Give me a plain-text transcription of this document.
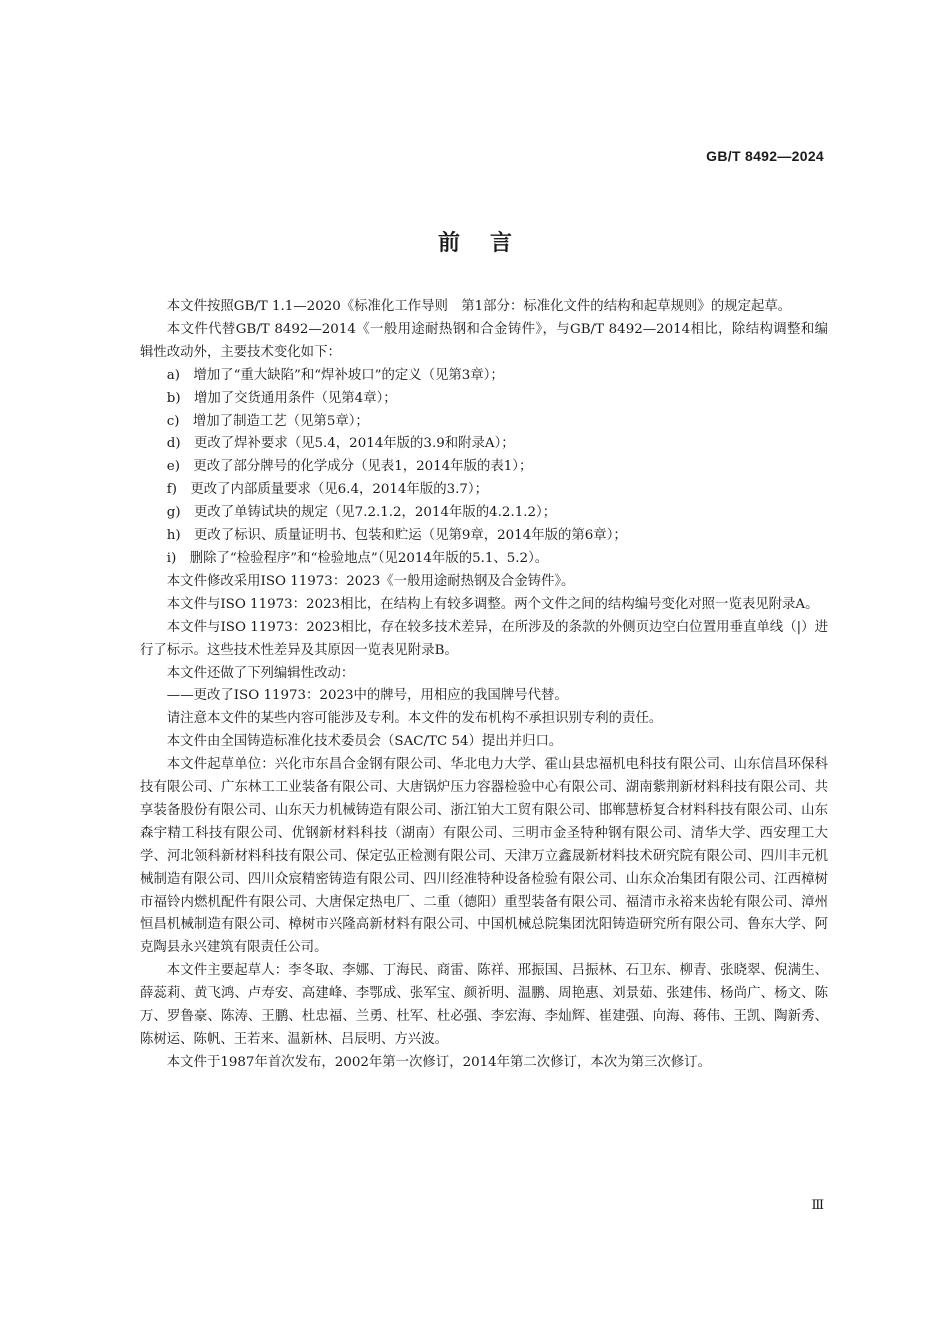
GB/T 8492—2024
前言

本文件按照GB/T 1.1—2020《标准化工作导则　第1部分：标准化文件的结构和起草规则》的规定起草。

本文件代替GB/T 8492—2014《一般用途耐热钢和合金铸件》，与GB/T 8492—2014相比，除结构调整和编辑性改动外，主要技术变化如下：

a)　增加了“重大缺陷”和“焊补坡口”的定义（见第3章）；

b)　增加了交货通用条件（见第4章）；

c)　增加了制造工艺（见第5章）；

d)　更改了焊补要求（见5.4，2014年版的3.9和附录A）；

e)　更改了部分牌号的化学成分（见表1，2014年版的表1）；

f)　更改了内部质量要求（见6.4，2014年版的3.7）；

g)　更改了单铸试块的规定（见7.2.1.2，2014年版的4.2.1.2）；

h)　更改了标识、质量证明书、包装和贮运（见第9章，2014年版的第6章）；

i)　删除了“检验程序”和“检验地点”（见2014年版的5.1、5.2）。

本文件修改采用ISO 11973：2023《一般用途耐热钢及合金铸件》。

本文件与ISO 11973：2023相比，在结构上有较多调整。两个文件之间的结构编号变化对照一览表见附录A。

本文件与ISO 11973：2023相比，存在较多技术差异，在所涉及的条款的外侧页边空白位置用垂直单线（|）进行了标示。这些技术性差异及其原因一览表见附录B。

本文件还做了下列编辑性改动：

——更改了ISO 11973：2023中的牌号，用相应的我国牌号代替。

请注意本文件的某些内容可能涉及专利。本文件的发布机构不承担识别专利的责任。

本文件由全国铸造标准化技术委员会（SAC/TC 54）提出并归口。

本文件起草单位：兴化市东昌合金钢有限公司、华北电力大学、霍山县忠福机电科技有限公司、山东信昌环保科技有限公司、广东林工工业装备有限公司、大唐锅炉压力容器检验中心有限公司、湖南紫荆新材料科技有限公司、共享装备股份有限公司、山东天力机械铸造有限公司、浙江铂大工贸有限公司、邯郸慧桥复合材料科技有限公司、山东森宇精工科技有限公司、优钢新材料科技（湖南）有限公司、三明市金圣特种钢有限公司、清华大学、西安理工大学、河北领科新材料科技有限公司、保定弘正检测有限公司、天津万立鑫晟新材料技术研究院有限公司、四川丰元机械制造有限公司、四川众宸精密铸造有限公司、四川经准特种设备检验有限公司、山东众冶集团有限公司、江西樟树市福铃内燃机配件有限公司、大唐保定热电厂、二重（德阳）重型装备有限公司、福清市永裕来齿轮有限公司、漳州恒昌机械制造有限公司、樟树市兴隆高新材料有限公司、中国机械总院集团沈阳铸造研究所有限公司、鲁东大学、阿克陶县永兴建筑有限责任公司。

本文件主要起草人：李冬取、李娜、丁海民、商雷、陈祥、邢振国、吕振林、石卫东、柳青、张晓翠、倪满生、薛蕊莉、黄飞鸿、卢寿安、高建峰、李鄂成、张军宝、颜祈明、温鹏、周艳惠、刘景茹、张建伟、杨尚广、杨文、陈万、罗鲁豪、陈涛、王鹏、杜忠福、兰勇、杜军、杜必强、李宏海、李灿辉、崔建强、向海、蒋伟、王凯、陶新秀、陈树运、陈帆、王若来、温新林、吕辰明、方兴波。

本文件于1987年首次发布，2002年第一次修订，2014年第二次修订，本次为第三次修订。

Ⅲ
